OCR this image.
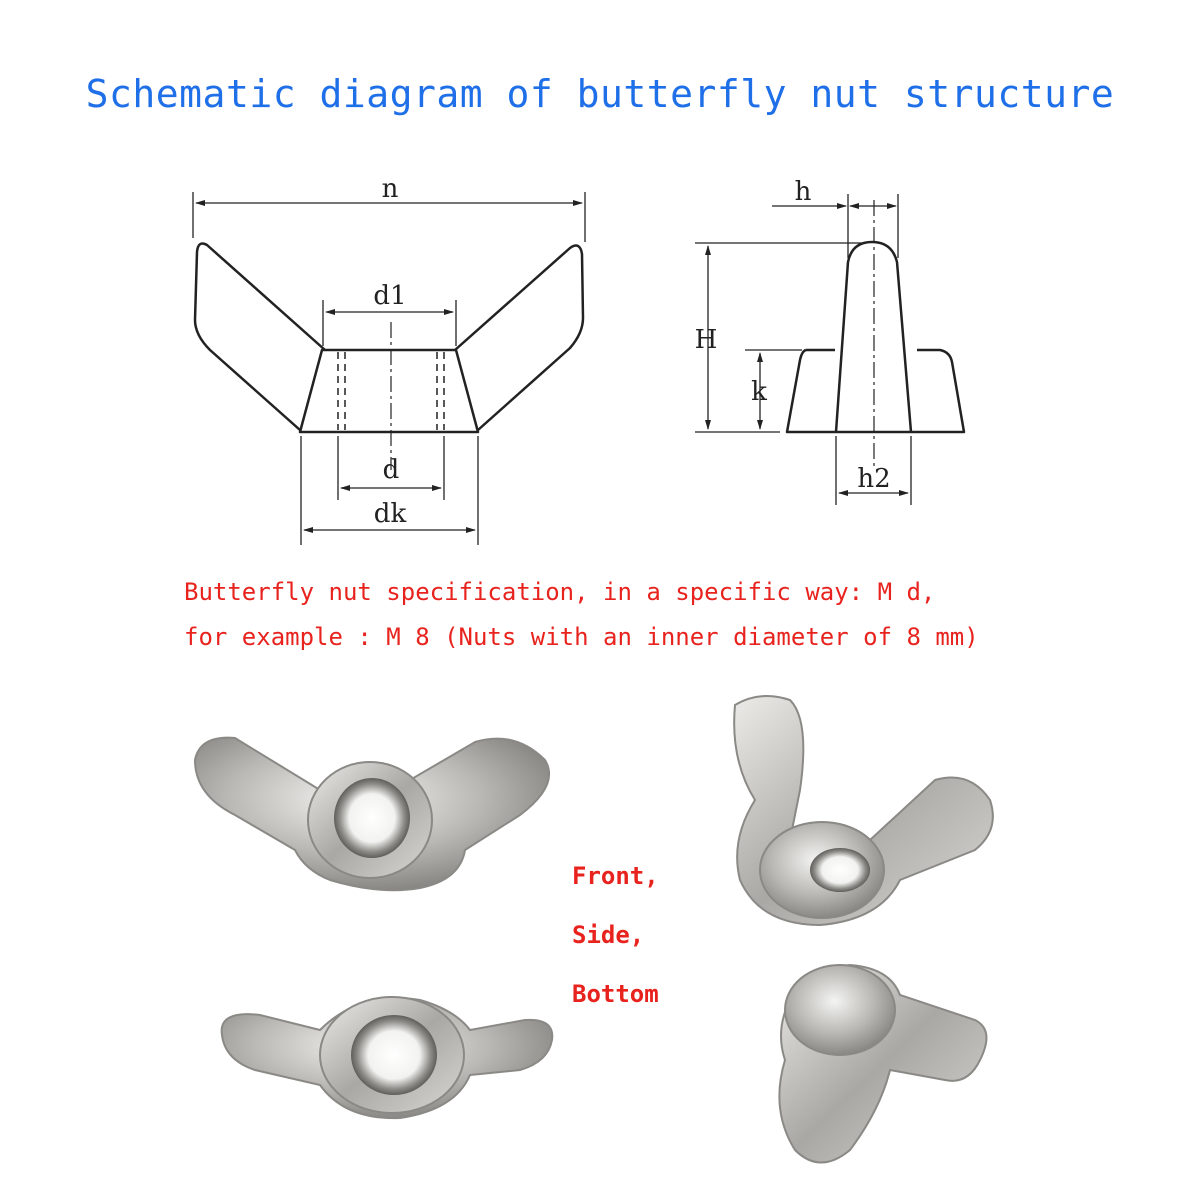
Schematic diagram of butterfly nut structure
n
d1
d
dk
h
H
k
h2
Butterfly nut specification, in a specific way: M d,
for example : M 8 (Nuts with an inner diameter of 8 mm)
Front,
Side,
Bottom
